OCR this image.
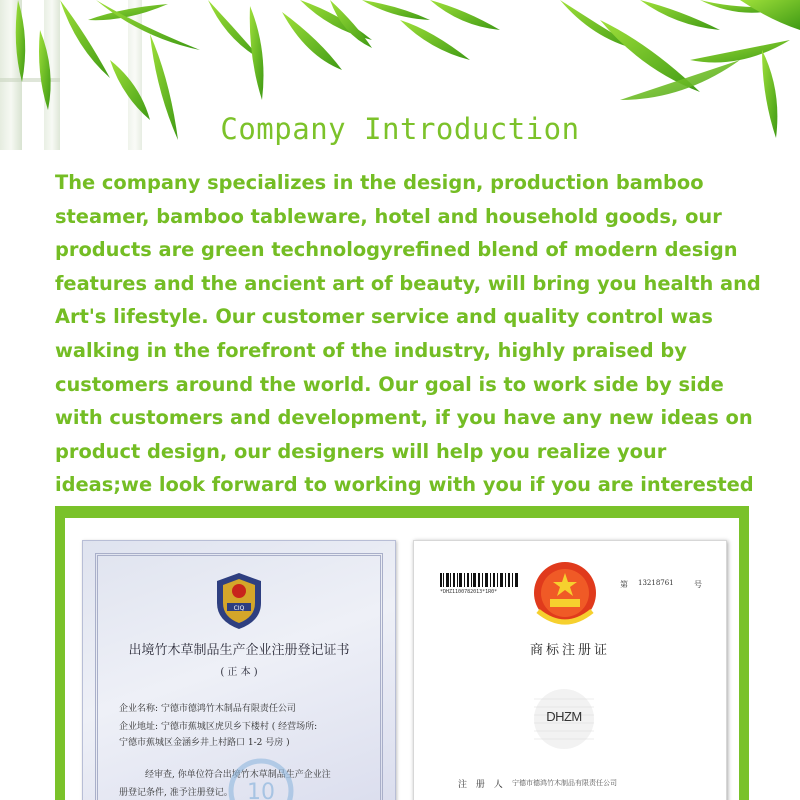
Company Introduction

The company specializes in the design, production bamboo steamer, bamboo tableware, hotel and household goods, our products are green technologyrefined blend of modern design features and the ancient art of beauty, will bring you health and Art's lifestyle. Our customer service and quality control was walking in the forefront of the industry, highly praised by customers around the world. Our goal is to work side by side with customers and development, if you have any new ideas on product design, our designers will help you realize your ideas;we look forward to working with you if you are interested

CIQ
出境竹木草制品生产企业注册登记证书
( 正 本 )
企业名称: 宁德市德鸿竹木制品有限责任公司
企业地址: 宁德市蕉城区虎贝乡下楼村 ( 经营场所:
宁德市蕉城区金涵乡井上村路口 1-2 号房 )
经审查, 你单位符合出境竹木草制品生产企业注
册登记条件, 准予注册登记。 10
*DHZ1100782013*1R0*
第 13218761	号
商标注册证
DHZM
注 册 人 宁德市德鸿竹木制品有限责任公司
